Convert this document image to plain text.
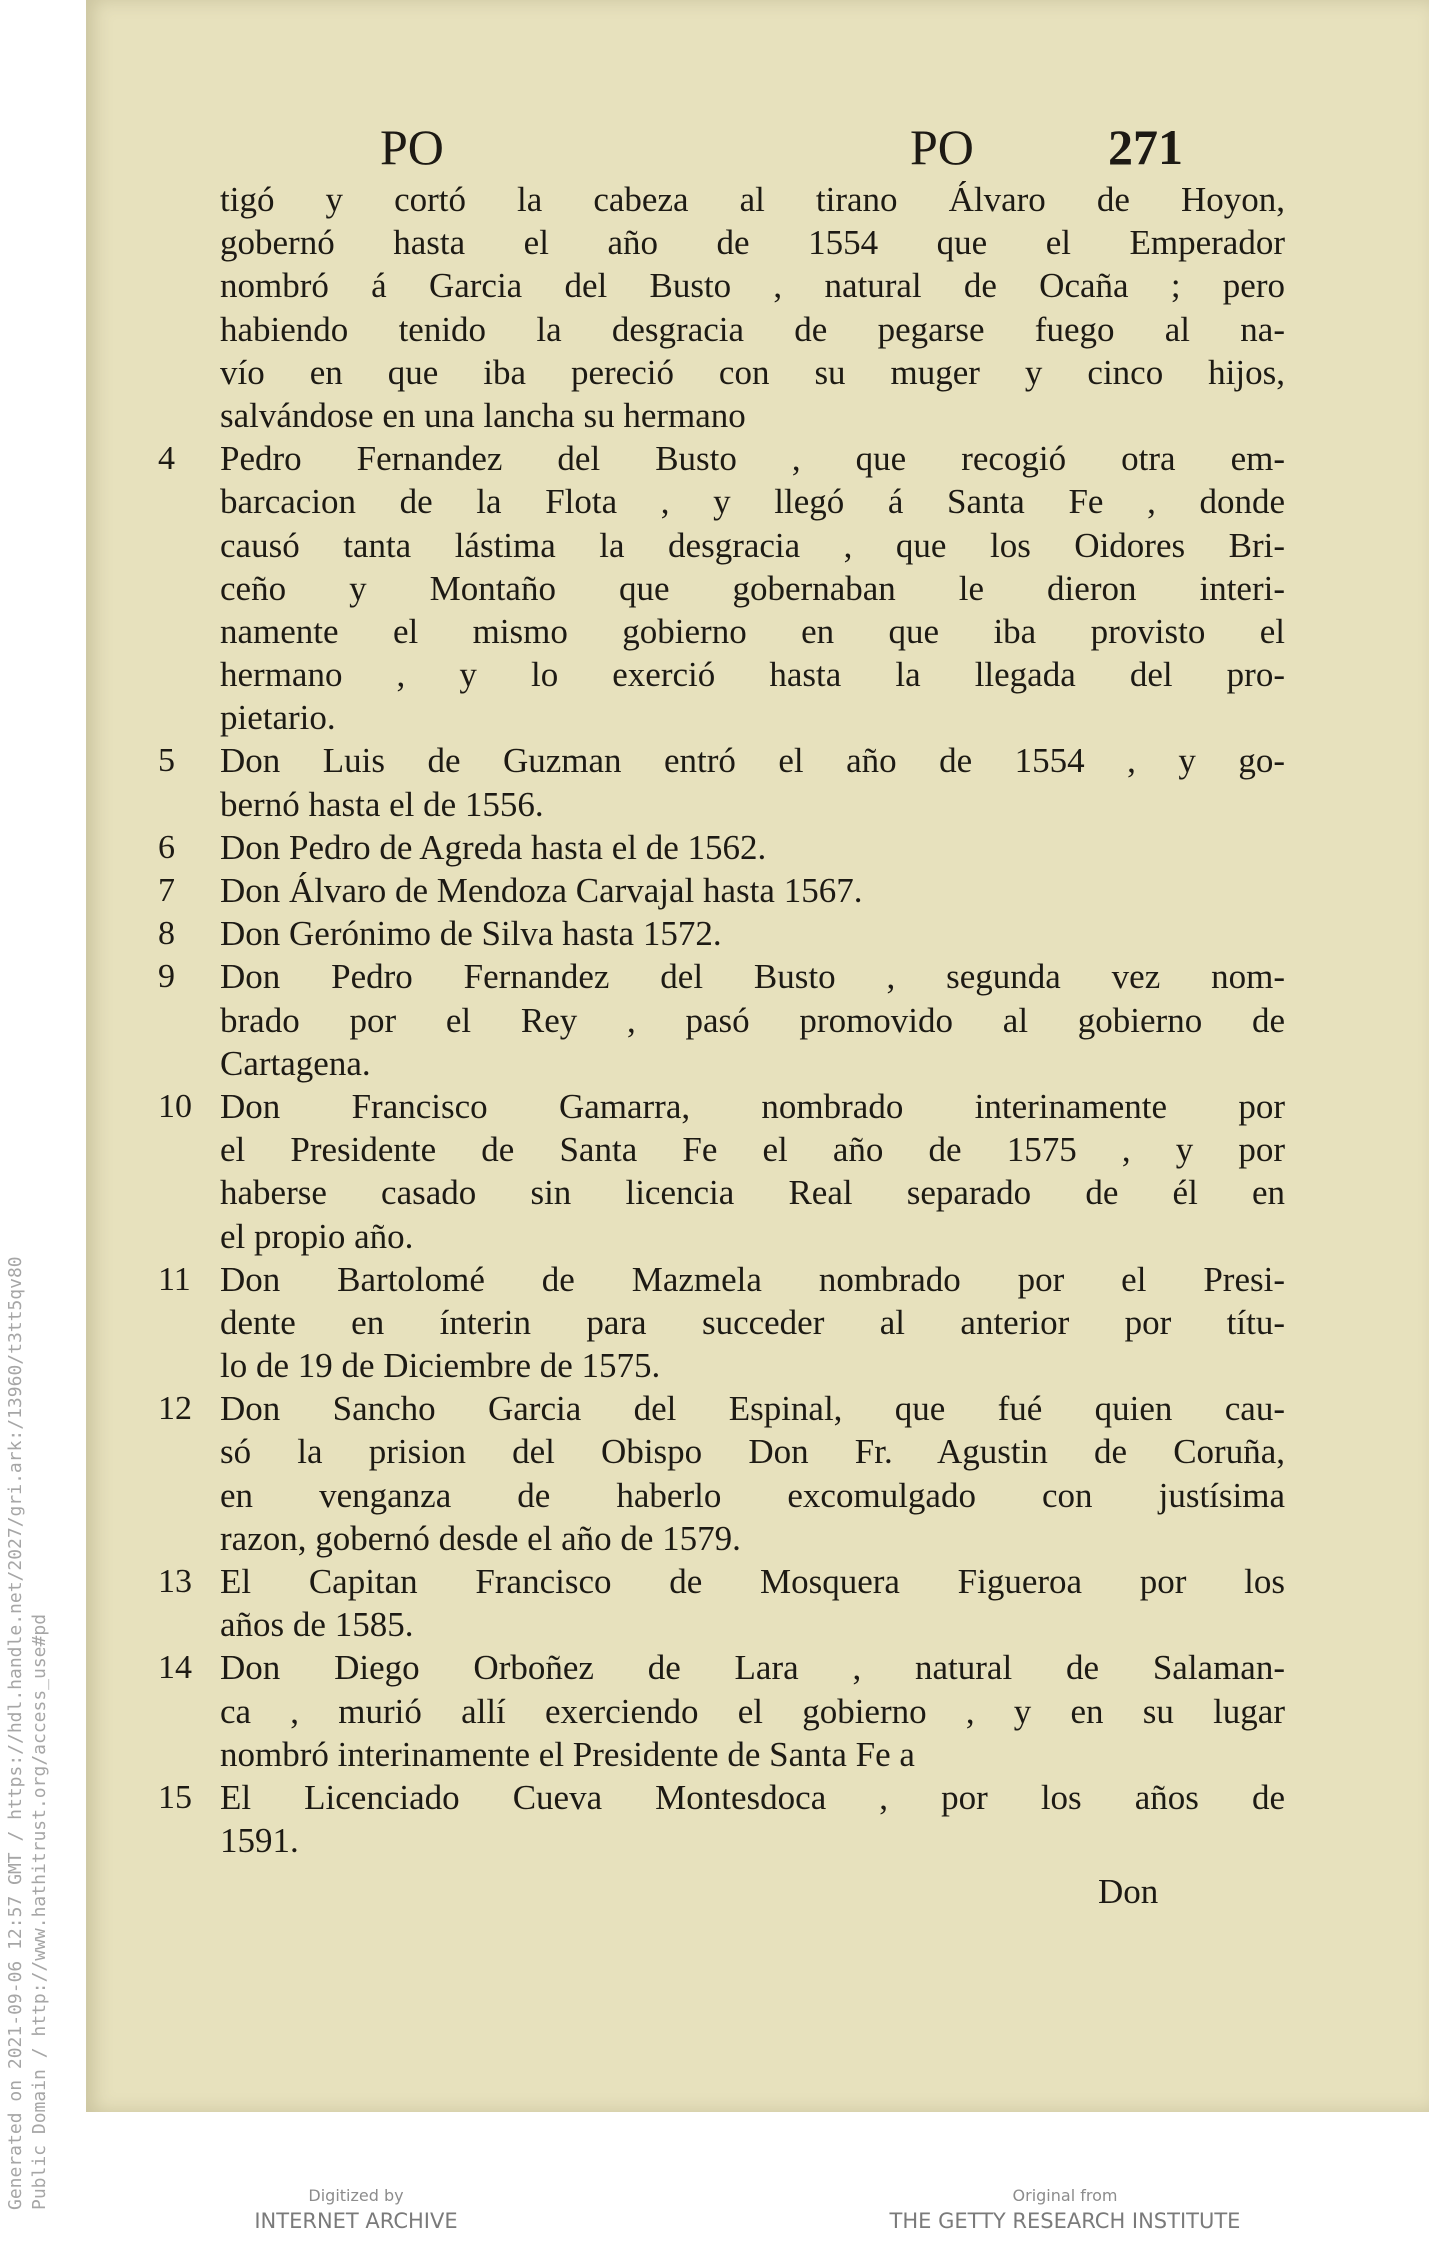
PO	PO	271
tigó y cortó la cabeza al tirano Álvaro de Hoyon,
gobernó hasta el año de 1554 que el Emperador
nombró á Garcia del Busto , natural de Ocaña ; pero
habiendo tenido la desgracia de pegarse fuego al na-
vío en que iba pereció con su muger y cinco hijos,
salvándose en una lancha su hermano
4	Pedro Fernandez del Busto , que recogió otra em-
barcacion de la Flota , y llegó á Santa Fe , donde
causó tanta lástima la desgracia , que los Oidores Bri-
ceño y Montaño que gobernaban le dieron interi-
namente el mismo gobierno en que iba provisto el
hermano , y lo exerció hasta la llegada del pro-
pietario.
5	Don Luis de Guzman entró el año de 1554 , y go-
bernó hasta el de 1556.
6	Don Pedro de Agreda hasta el de 1562.
7	Don Álvaro de Mendoza Carvajal hasta 1567.
8	Don Gerónimo de Silva hasta 1572.
9	Don Pedro Fernandez del Busto , segunda vez nom-
brado por el Rey , pasó promovido al gobierno de
Cartagena.
10 Don Francisco Gamarra, nombrado interinamente por
el Presidente de Santa Fe el año de 1575 , y por
haberse casado sin licencia Real separado de él en
el propio año.
11 Don Bartolomé de Mazmela nombrado por el Presi-
dente en ínterin para succeder al anterior por títu-
lo de 19 de Diciembre de 1575.
12 Don Sancho Garcia del Espinal, que fué quien cau-
só la prision del Obispo Don Fr. Agustin de Coruña,
en venganza de haberlo excomulgado con justísima
razon, gobernó desde el año de 1579.
13 El Capitan Francisco de Mosquera Figueroa por los
años de 1585.
14 Don Diego Orboñez de Lara , natural de Salaman-
ca , murió allí exerciendo el gobierno , y en su lugar
nombró interinamente el Presidente de Santa Fe a
15 El Licenciado Cueva Montesdoca , por los años de
1591.
Don
Generated on 2021-09-06 12:57 GMT / https://hdl.handle.net/2027/gri.ark:/13960/t3tt5qv80 Public Domain / http://www.hathitrust.org/access_use#pd	Digitized by
INTERNET ARCHIVE
Original from
THE GETTY RESEARCH INSTITUTE
